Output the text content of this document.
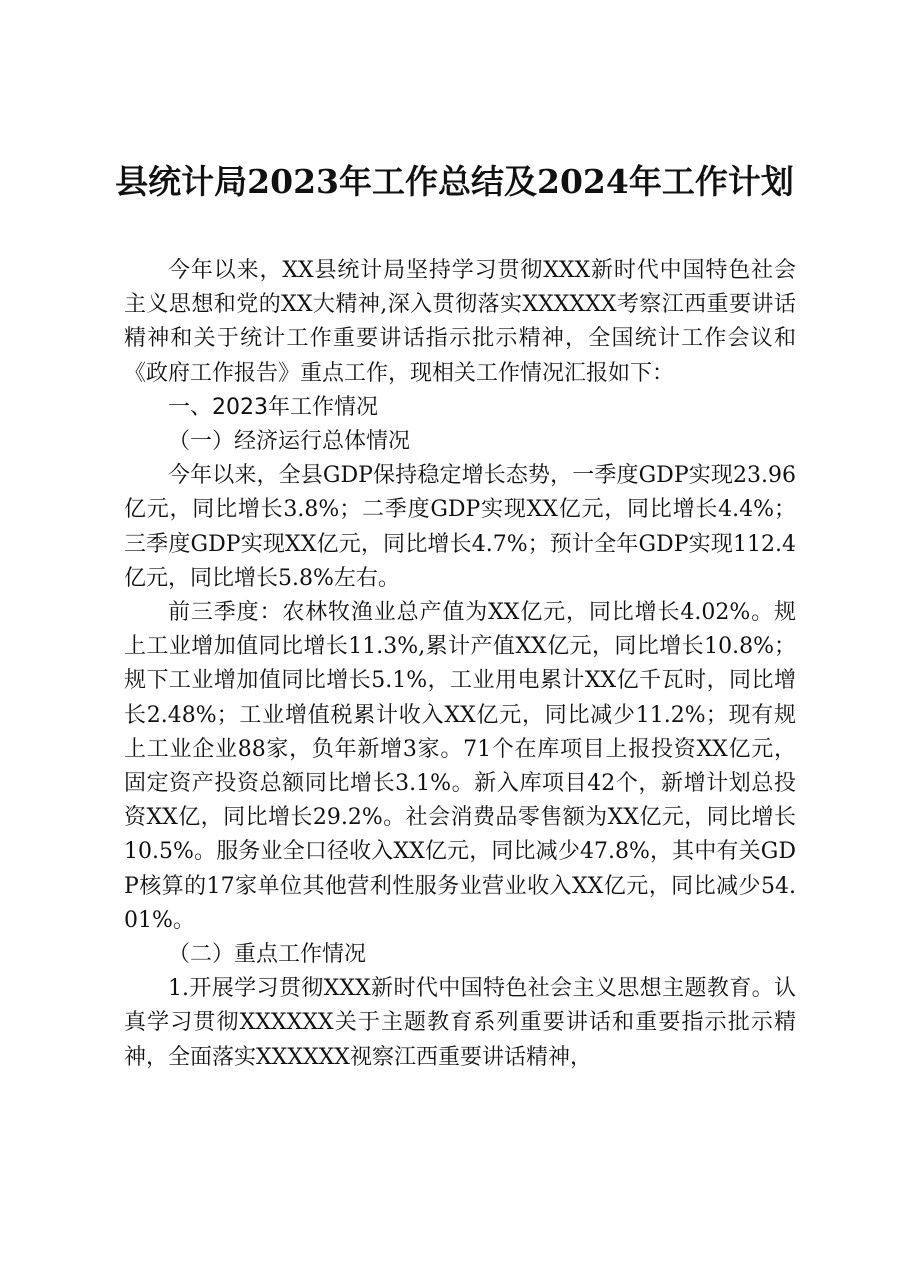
县统计局2023年工作总结及2024年工作计划

今年以来，XX县统计局坚持学习贯彻XXX新时代中国特色社会主义思想和党的XX大精神,深入贯彻落实XXXXXX考察江西重要讲话精神和关于统计工作重要讲话指示批示精神，全国统计工作会议和《政府工作报告》重点工作，现相关工作情况汇报如下：

一、2023年工作情况

（一）经济运行总体情况

今年以来，全县GDP保持稳定增长态势，一季度GDP实现23.96亿元，同比增长3.8%；二季度GDP实现XX亿元，同比增长4.4%；三季度GDP实现XX亿元，同比增长4.7%；预计全年GDP实现112.4亿元，同比增长5.8%左右。

前三季度：农林牧渔业总产值为XX亿元，同比增长4.02%。规上工业增加值同比增长11.3%,累计产值XX亿元，同比增长10.8%；规下工业增加值同比增长5.1%，工业用电累计XX亿千瓦时，同比增长2.48%；工业增值税累计收入XX亿元，同比减少11.2%；现有规上工业企业88家，负年新增3家。71个在库项目上报投资XX亿元，固定资产投资总额同比增长3.1%。新入库项目42个，新增计划总投资XX亿，同比增长29.2%。社会消费品零售额为XX亿元，同比增长10.5%。服务业全口径收入XX亿元，同比减少47.8%，其中有关GDP核算的17家单位其他营利性服务业营业收入XX亿元，同比减少54.01%。

（二）重点工作情况

1.开展学习贯彻XXX新时代中国特色社会主义思想主题教育。认真学习贯彻XXXXXX关于主题教育系列重要讲话和重要指示批示精神，全面落实XXXXXX视察江西重要讲话精神，
